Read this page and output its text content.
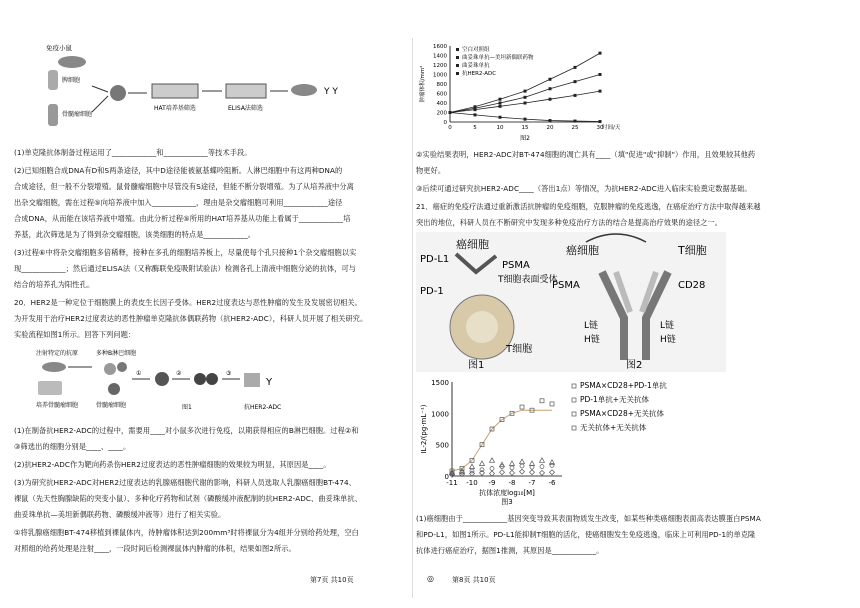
免疫小鼠
脾细胞
骨髓瘤细胞
HAT培养基筛选	ELISA法筛选
Y Y

(1)单克隆抗体制备过程运用了____________和____________等技术手段。

(2)已知细胞合成DNA有D和S两条途径，其中D途径能被氨基蝶呤阻断。人淋巴细胞中有这两种DNA的

合成途径，但一般不分裂增殖。鼠骨髓瘤细胞中尽管没有S途径，但能不断分裂增殖。为了从培养液中分离

出杂交瘤细胞，需在过程⑤向培养液中加入____________，理由是杂交瘤细胞可利用____________途径

合成DNA，从而能在该培养液中增殖。由此分析过程⑤所用的HAT培养基从功能上看属于____________培

养基，此次筛选是为了得到杂交瘤细胞，该类细胞的特点是____________。

(3)过程⑥中将杂交瘤细胞多倍稀释，接种在多孔的细胞培养板上，尽量使每个孔只接种1个杂交瘤细胞以实

现____________；然后通过ELISA法（又称酶联免疫吸附试验法）检测各孔上清液中细胞分泌的抗体，可与

结合的培养孔为阳性孔。

20．HER2是一种定位于细胞膜上的表皮生长因子受体。HER2过度表达与恶性肿瘤的发生及发展密切相关。

为开发用于治疗HER2过度表达的恶性肿瘤单克隆抗体偶联药物（抗HER2-ADC），科研人员开展了相关研究。

实验流程如图1所示。回答下列问题：

注射特定的抗原	多种B淋巴细胞
培养骨髓瘤细胞	骨髓瘤细胞
①	②	③
Y
抗HER2-ADC
图1

(1)在制备抗HER2-ADC的过程中，需要用____对小鼠多次进行免疫，以期获得相应的B淋巴细胞。过程②和

③筛选出的细胞分别是____、____。

(2)抗HER2-ADC作为靶向药杀伤HER2过度表达的恶性肿瘤细胞的效果较为明显，其原因是____。

(3)为研究抗HER2-ADC对HER2过度表达的乳腺癌细胞代谢的影响，科研人员选取人乳腺癌细胞BT-474、

裸鼠（先天性胸腺缺陷的突变小鼠）、多种化疗药物和试剂（磷酸缓冲液配制的抗HER2-ADC、曲妥珠单抗、

曲妥珠单抗—美坦新偶联药物、磷酸缓冲液等）进行了相关实验。

①将乳腺癌细胞BT-474移植到裸鼠体内，待肿瘤体积达到200mm³时将裸鼠分为4组并分别给药处理，空白

对照组的给药处理是注射____，一段时间后检测裸鼠体内肿瘤的体积，结果如图2所示。

第7页 共10页	◎
0
200
400
600
800
1000
1200
1400
1600
0	5	10	15	20	25	30
肿瘤体积/mm³
时间/天
图2
空白对照组
曲妥珠单抗—美坦新偶联药物
曲妥珠单抗
抗HER2-ADC

②实验结果表明，HER2-ADC对BT-474细胞的凋亡具有____（填"促进"或"抑制"）作用，且效果较其他药

物更好。

③后续可通过研究抗HER2-ADC____（答出1点）等情况，为抗HER2-ADC进入临床实验奠定数据基础。

21．癌症的免疫疗法通过重新激活抗肿瘤的免疫细胞，克服肿瘤的免疫逃逸，在癌症治疗方法中取得越来越

突出的地位，科研人员在不断研究中发现多种免疫治疗方法的结合是提高治疗效果的途径之一。

癌细胞
PD-L1
PSMA
T细胞表面受体
PD-1
T细胞
图1
癌细胞	T细胞
PSMA	CD28
L链	L链
H链	H链
图2
0
500
1000
1500
-11 -10 -9 -8 -7 -6
IL-2/(pg·mL⁻¹)
抗体浓度log₁₀[M]
图3
PSMA×CD28+PD-1单抗
PD-1单抗+无关抗体
PSMA×CD28+无关抗体
无关抗体+无关抗体

(1)癌细胞由于____________基因突变导致其表面物质发生改变，如某些种类癌细胞表面高表达膜蛋白PSMA

和PD-L1，如图1所示。PD-L1能抑制T细胞的活化，使癌细胞发生免疫逃逸，临床上可利用PD-1的单克隆

抗体进行癌症治疗，据图1推测，其原因是____________。

第8页 共10页
